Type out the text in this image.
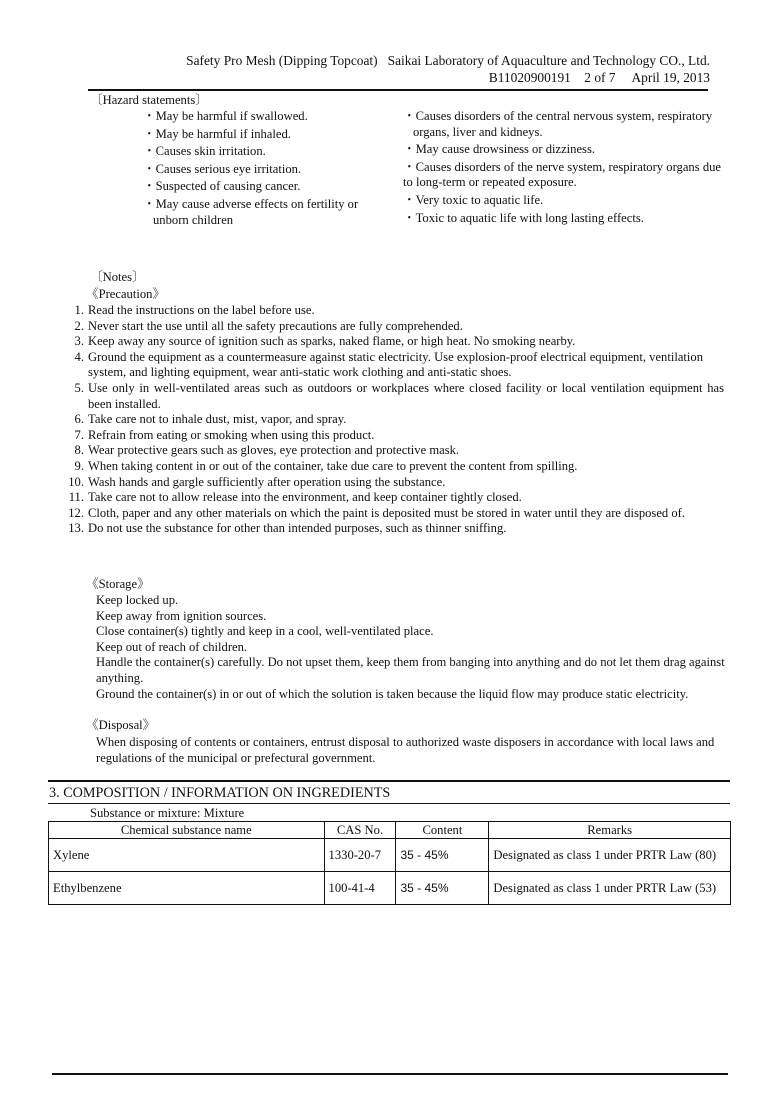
Safety Pro Mesh (Dipping Topcoat)   Saikai Laboratory of Aquaculture and Technology CO., Ltd.
B11020900191    2 of 7     April 19, 2013
〔Hazard statements〕
・May be harmful if swallowed.
・May be harmful if inhaled.
・Causes skin irritation.
・Causes serious eye irritation.
・Suspected of causing cancer.
・May cause adverse effects on fertility or unborn children
・Causes disorders of the central nervous system, respiratory organs, liver and kidneys.
・May cause drowsiness or dizziness.
・Causes disorders of the nerve system, respiratory organs due to long-term or repeated exposure.
・Very toxic to aquatic life.
・Toxic to aquatic life with long lasting effects.
〔Notes〕
《Precaution》
1. Read the instructions on the label before use.
2. Never start the use until all the safety precautions are fully comprehended.
3. Keep away any source of ignition such as sparks, naked flame, or high heat. No smoking nearby.
4. Ground the equipment as a countermeasure against static electricity. Use explosion-proof electrical equipment, ventilation system, and lighting equipment, wear anti-static work clothing and anti-static shoes.
5. Use only in well-ventilated areas such as outdoors or workplaces where closed facility or local ventilation equipment has been installed.
6. Take care not to inhale dust, mist, vapor, and spray.
7. Refrain from eating or smoking when using this product.
8. Wear protective gears such as gloves, eye protection and protective mask.
9. When taking content in or out of the container, take due care to prevent the content from spilling.
10. Wash hands and gargle sufficiently after operation using the substance.
11. Take care not to allow release into the environment, and keep container tightly closed.
12. Cloth, paper and any other materials on which the paint is deposited must be stored in water until they are disposed of.
13. Do not use the substance for other than intended purposes, such as thinner sniffing.
《Storage》
Keep locked up.
Keep away from ignition sources.
Close container(s) tightly and keep in a cool, well-ventilated place.
Keep out of reach of children.
Handle the container(s) carefully. Do not upset them, keep them from banging into anything and do not let them drag against anything.
Ground the container(s) in or out of which the solution is taken because the liquid flow may produce static electricity.
《Disposal》
When disposing of contents or containers, entrust disposal to authorized waste disposers in accordance with local laws and regulations of the municipal or prefectural government.
3. COMPOSITION / INFORMATION ON INGREDIENTS
Substance or mixture: Mixture
Chemical substance name	CAS No.	Content	Remarks
Xylene	1330-20-7	35 - 45%	Designated as class 1 under PRTR Law (80)
Ethylbenzene	100-41-4	35 - 45%	Designated as class 1 under PRTR Law (53)
